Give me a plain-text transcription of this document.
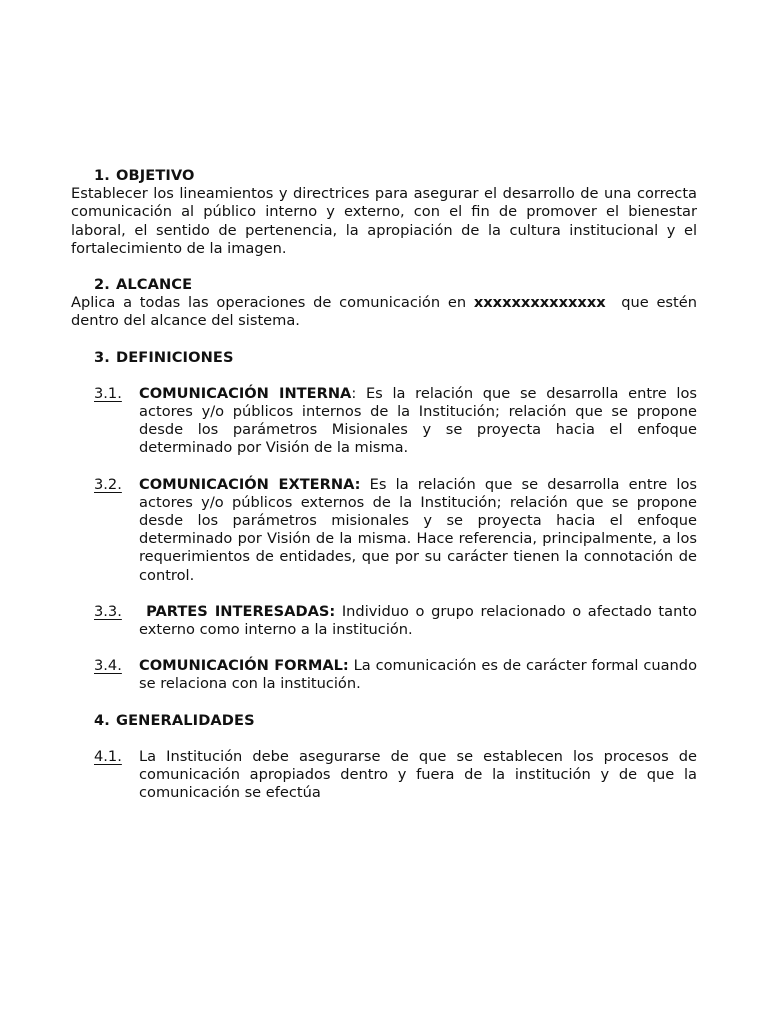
1. OBJETIVO

Establecer los lineamientos y directrices para asegurar el desarrollo de una correcta comunicación al público interno y externo, con el fin de promover el bienestar laboral, el sentido de pertenencia, la apropiación de la cultura institucional y el fortalecimiento de la imagen.

2. ALCANCE

Aplica a todas las operaciones de comunicación en xxxxxxxxxxxxxx  que estén dentro del alcance del sistema.

3. DEFINICIONES
3.1.	COMUNICACIÓN INTERNA: Es la relación que se desarrolla entre los actores y/o públicos internos de la Institución; relación que se propone desde los parámetros Misionales y se proyecta hacia el enfoque determinado por Visión de la misma.
3.2.	COMUNICACIÓN EXTERNA: Es la relación que se desarrolla entre los actores y/o públicos externos de la Institución; relación que se propone desde los parámetros misionales y se proyecta hacia el enfoque determinado por Visión de la misma. Hace referencia, principalmente, a los requerimientos de entidades, que por su carácter tienen la connotación de control.
3.3.	PARTES INTERESADAS: Individuo o grupo relacionado o afectado tanto externo como interno a la institución.
3.4.	COMUNICACIÓN FORMAL: La comunicación es de carácter formal cuando se relaciona con la institución.
4. GENERALIDADES
4.1.	La Institución debe asegurarse de que se establecen los procesos de comunicación apropiados dentro y fuera de la institución y de que la comunicación se efectúa
